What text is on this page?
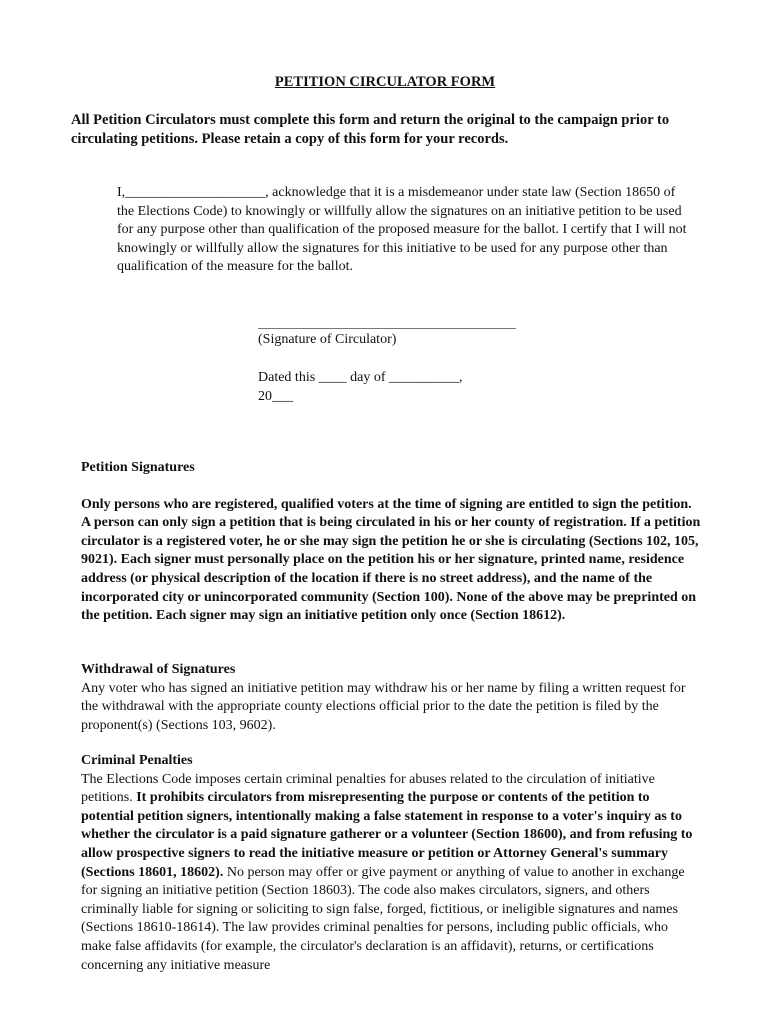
PETITION CIRCULATOR FORM
All Petition Circulators must complete this form and return the original to the campaign prior to circulating petitions. Please retain a copy of this form for your records.
I,____________________, acknowledge that it is a misdemeanor under state law (Section 18650 of the Elections Code) to knowingly or willfully allow the signatures on an initiative petition to be used for any purpose other than qualification of the proposed measure for the ballot. I certify that I will not knowingly or willfully allow the signatures for this initiative to be used for any purpose other than qualification of the measure for the ballot.
(Signature of Circulator)
Dated this ____ day of __________,
20___
Petition Signatures
Only persons who are registered, qualified voters at the time of signing are entitled to sign the petition. A person can only sign a petition that is being circulated in his or her county of registration. If a petition circulator is a registered voter, he or she may sign the petition he or she is circulating (Sections 102, 105, 9021). Each signer must personally place on the petition his or her signature, printed name, residence address (or physical description of the location if there is no street address), and the name of the incorporated city or unincorporated community (Section 100). None of the above may be preprinted on the petition. Each signer may sign an initiative petition only once (Section 18612).
Withdrawal of Signatures
Any voter who has signed an initiative petition may withdraw his or her name by filing a written request for the withdrawal with the appropriate county elections official prior to the date the petition is filed by the proponent(s) (Sections 103, 9602).
Criminal Penalties
The Elections Code imposes certain criminal penalties for abuses related to the circulation of initiative petitions. It prohibits circulators from misrepresenting the purpose or contents of the petition to potential petition signers, intentionally making a false statement in response to a voter's inquiry as to whether the circulator is a paid signature gatherer or a volunteer (Section 18600), and from refusing to allow prospective signers to read the initiative measure or petition or Attorney General's summary (Sections 18601, 18602). No person may offer or give payment or anything of value to another in exchange for signing an initiative petition (Section 18603). The code also makes circulators, signers, and others criminally liable for signing or soliciting to sign false, forged, fictitious, or ineligible signatures and names (Sections 18610-18614). The law provides criminal penalties for persons, including public officials, who make false affidavits (for example, the circulator's declaration is an affidavit), returns, or certifications concerning any initiative measure
